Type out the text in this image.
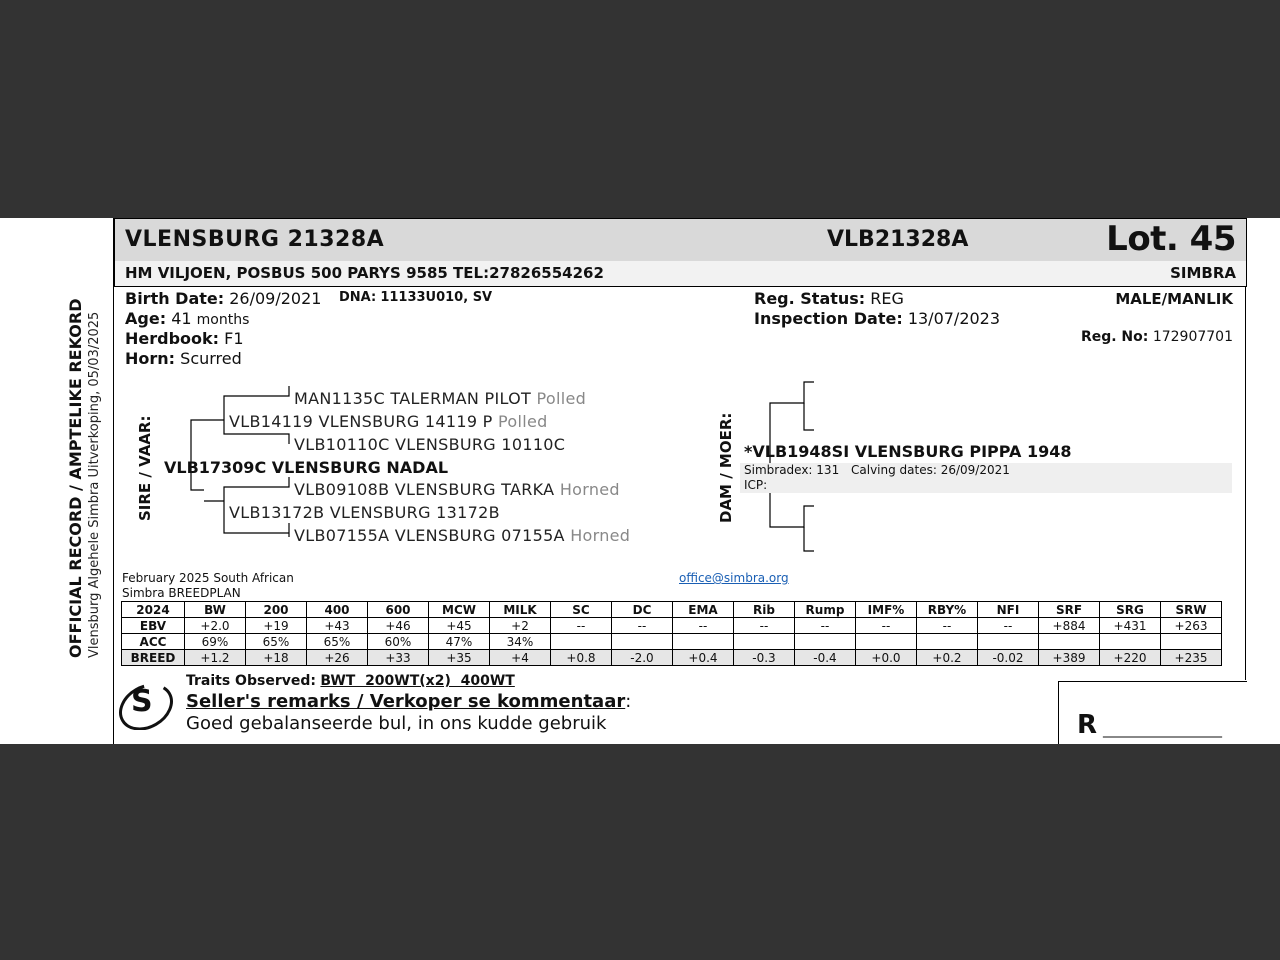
OFFICIAL RECORD / AMPTELIKE REKORD Vlensburg Algehele Simbra Uitverkoping, 05/03/2025
VLENSBURG 21328A	VLB21328A	Lot. 45
HM VILJOEN, POSBUS 500 PARYS 9585 TEL:27826554262	SIMBRA
Birth Date: 26/09/2021 DNA: 11133U010, SV
Age: 41 months
Herdbook: F1
Horn: Scurred
Reg. Status: REG
Inspection Date: 13/07/2023
MALE/MANLIK
Reg. No: 172907701
SIRE / VAAR:
MAN1135C TALERMAN PILOT Polled
VLB14119 VLENSBURG 14119 P Polled
VLB10110C VLENSBURG 10110C
VLB17309C VLENSBURG NADAL
VLB09108B VLENSBURG TARKA Horned
VLB13172B VLENSBURG 13172B
VLB07155A VLENSBURG 07155A Horned
DAM / MOER: *VLB1948SI VLENSBURG PIPPA 1948
Simbradex: 131 Calving dates: 26/09/2021
ICP:
February 2025 South African
Simbra BREEDPLAN
office@simbra.org
2024	BW	200	400	600	MCW	MILK	SC	DC	EMA	Rib	Rump	IMF%	RBY%	NFI	SRF	SRG	SRW
EBV	+2.0	+19	+43	+46	+45	+2	--	--	--	--	--	--	--	--	+884	+431	+263
ACC	69%	65%	65%	60%	47%	34%											
BREED	+1.2	+18	+26	+33	+35	+4	+0.8	-2.0	+0.4	-0.3	-0.4	+0.0	+0.2	-0.02	+389	+220	+235
S
Traits Observed: BWT  200WT(x2)  400WT
Seller's remarks / Verkoper se kommentaar:
Goed gebalanseerde bul, in ons kudde gebruik	R _________________
